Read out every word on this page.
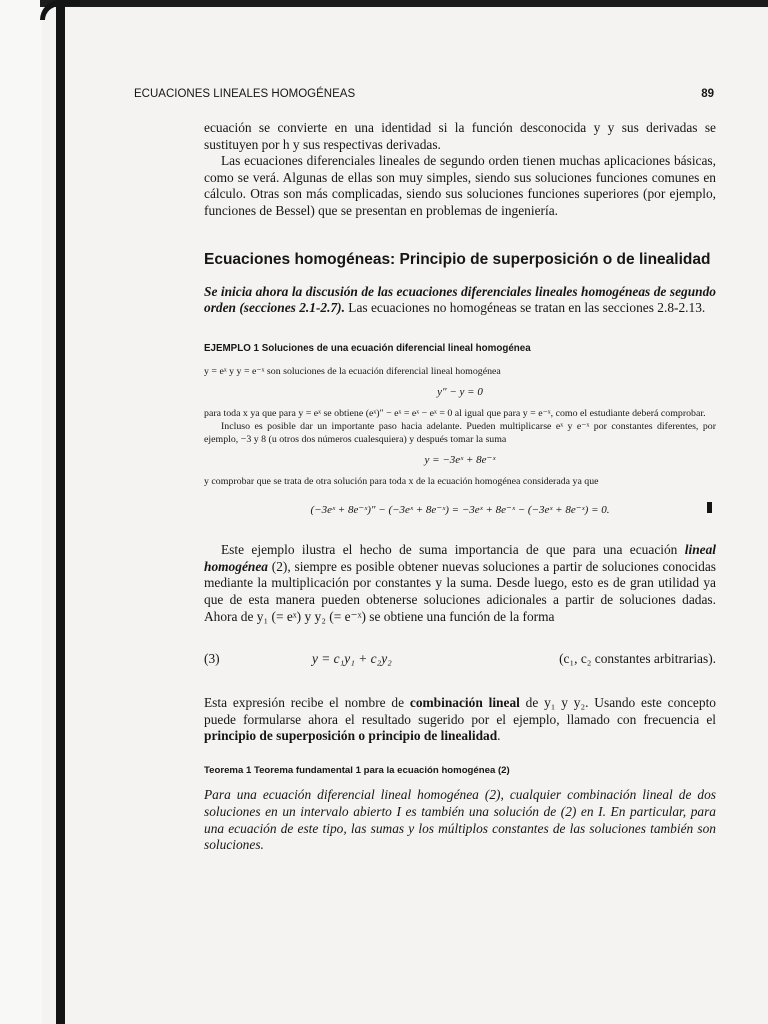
ECUACIONES LINEALES HOMOGÉNEAS	89

ecuación se convierte en una identidad si la función desconocida y y sus derivadas se sustituyen por h y sus respectivas derivadas.

Las ecuaciones diferenciales lineales de segundo orden tienen muchas aplicaciones básicas, como se verá. Algunas de ellas son muy simples, siendo sus soluciones funciones comunes en cálculo. Otras son más complicadas, siendo sus soluciones funciones superiores (por ejemplo, funciones de Bessel) que se presentan en problemas de ingeniería.

Ecuaciones homogéneas: Principio de superposición o de linealidad

Se inicia ahora la discusión de las ecuaciones diferenciales lineales homogéneas de segundo orden (secciones 2.1-2.7). Las ecuaciones no homogéneas se tratan en las secciones 2.8-2.13.

EJEMPLO 1 Soluciones de una ecuación diferencial lineal homogénea

y = eˣ y y = e⁻ˣ son soluciones de la ecuación diferencial lineal homogénea

y″ − y = 0

para toda x ya que para y = eˣ se obtiene (eˣ)″ − eˣ = eˣ − eˣ = 0 al igual que para y = e⁻ˣ, como el estudiante deberá comprobar.

Incluso es posible dar un importante paso hacia adelante. Pueden multiplicarse eˣ y e⁻ˣ por constantes diferentes, por ejemplo, −3 y 8 (u otros dos números cualesquiera) y después tomar la suma

y = −3eˣ + 8e⁻ˣ

y comprobar que se trata de otra solución para toda x de la ecuación homogénea considerada ya que

(−3eˣ + 8e⁻ˣ)″ − (−3eˣ + 8e⁻ˣ) = −3eˣ + 8e⁻ˣ − (−3eˣ + 8e⁻ˣ) = 0.

Este ejemplo ilustra el hecho de suma importancia de que para una ecuación lineal homogénea (2), siempre es posible obtener nuevas soluciones a partir de soluciones conocidas mediante la multiplicación por constantes y la suma. Desde luego, esto es de gran utilidad ya que de esta manera pueden obtenerse soluciones adicionales a partir de soluciones dadas. Ahora de y₁ (= eˣ) y y₂ (= e⁻ˣ) se obtiene una función de la forma

(3)	y = c₁y₁ + c₂y₂	(c₁, c₂ constantes arbitrarias).

Esta expresión recibe el nombre de combinación lineal de y₁ y y₂. Usando este concepto puede formularse ahora el resultado sugerido por el ejemplo, llamado con frecuencia el principio de superposición o principio de linealidad.

Teorema 1 Teorema fundamental 1 para la ecuación homogénea (2)

Para una ecuación diferencial lineal homogénea (2), cualquier combinación lineal de dos soluciones en un intervalo abierto I es también una solución de (2) en I. En particular, para una ecuación de este tipo, las sumas y los múltiplos constantes de las soluciones también son soluciones.
